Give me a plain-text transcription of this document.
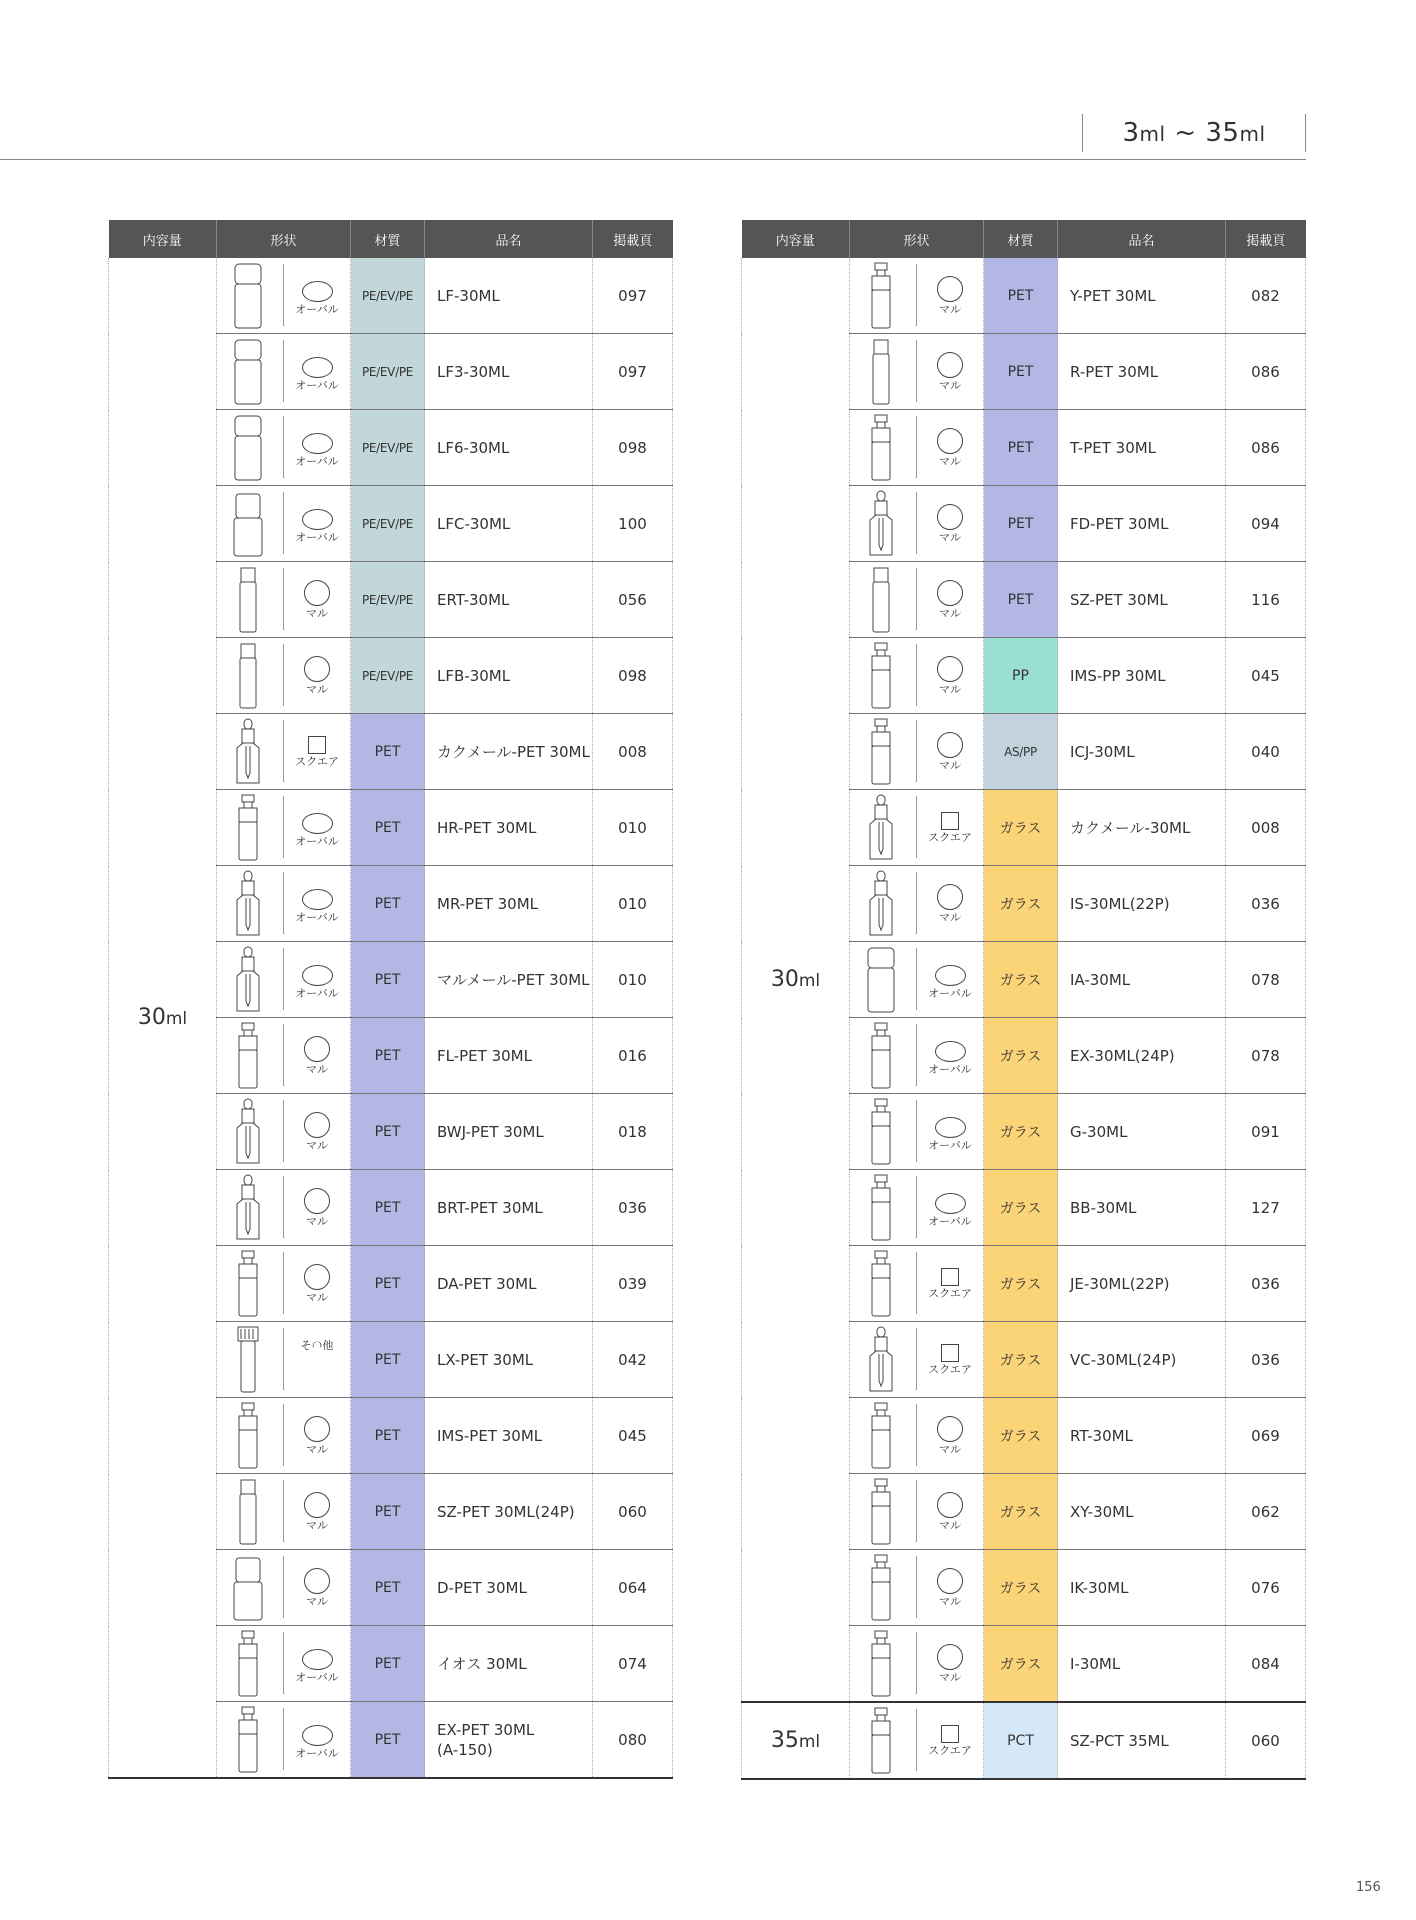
3ml ~ 35ml
内容量	形状	材質	品名	掲載頁
30ml	オーバル	PE/EV/PE	LF-30ML	097

	オーバル	PE/EV/PE	LF3-30ML	097

	オーバル	PE/EV/PE	LF6-30ML	098

	オーバル	PE/EV/PE	LFC-30ML	100

	マル	PE/EV/PE	ERT-30ML	056

	マル	PE/EV/PE	LFB-30ML	098

	スクエア	PET	カクメール-PET 30ML	008

	オーバル	PET	HR-PET 30ML	010

	オーバル	PET	MR-PET 30ML	010

	オーバル	PET	マルメール-PET 30ML	010

	マル	PET	FL-PET 30ML	016

	マル	PET	BWJ-PET 30ML	018

	マル	PET	BRT-PET 30ML	036

	マル	PET	DA-PET 30ML	039

	その他	PET	LX-PET 30ML	042

	マル	PET	IMS-PET 30ML	045

	マル	PET	SZ-PET 30ML(24P)	060

	マル	PET	D-PET 30ML	064

	オーバル	PET	イオス 30ML	074

	オーバル	PET	EX-PET 30ML
(A-150)	080
内容量	形状	材質	品名	掲載頁
30ml	マル	PET	Y-PET 30ML	082

	マル	PET	R-PET 30ML	086

	マル	PET	T-PET 30ML	086

	マル	PET	FD-PET 30ML	094

	マル	PET	SZ-PET 30ML	116

	マル	PP	IMS-PP 30ML	045

	マル	AS/PP	ICJ-30ML	040

	スクエア	ガラス	カクメール-30ML	008

	マル	ガラス	IS-30ML(22P)	036

	オーバル	ガラス	IA-30ML	078

	オーバル	ガラス	EX-30ML(24P)	078

	オーバル	ガラス	G-30ML	091

	オーバル	ガラス	BB-30ML	127

	スクエア	ガラス	JE-30ML(22P)	036

	スクエア	ガラス	VC-30ML(24P)	036

	マル	ガラス	RT-30ML	069

	マル	ガラス	XY-30ML	062

	マル	ガラス	IK-30ML	076

	マル	ガラス	I-30ML	084
35ml	スクエア	PCT	SZ-PCT 35ML	060
156
